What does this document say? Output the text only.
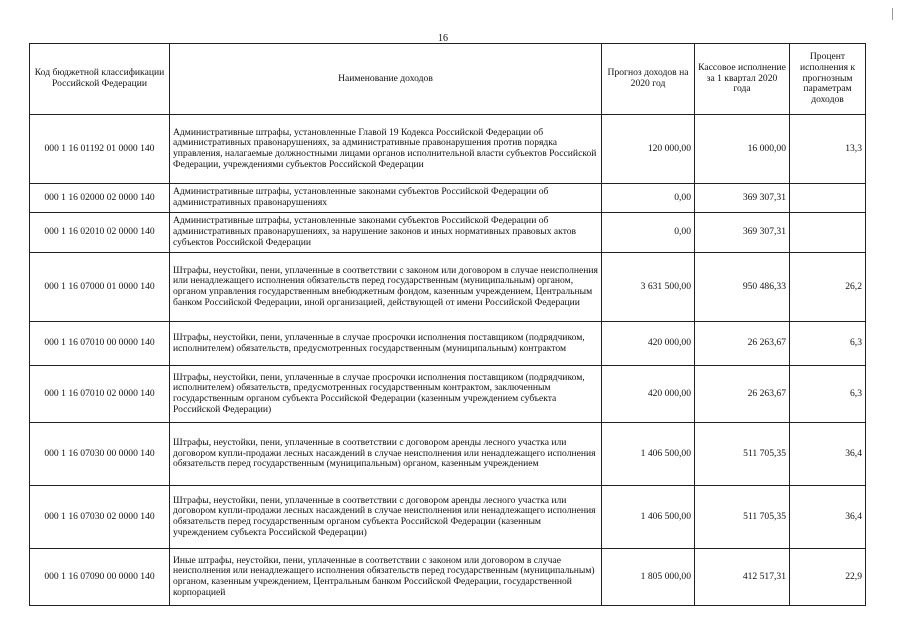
16
Код бюджетной классификации Российской Федерации	Наименование доходов	Прогноз доходов на 2020 год	Кассовое исполнение за 1 квартал 2020 года	Процент исполнения к прогнозным параметрам доходов
000 1 16 01192 01 0000 140	Административные штрафы, установленные Главой 19 Кодекса Российской Федерации об административных правонарушениях, за административные правонарушения против порядка управления, налагаемые должностными лицами органов исполнительной власти субъектов Российской Федерации, учреждениями субъектов Российской Федерации	120 000,00	16 000,00	13,3
000 1 16 02000 02 0000 140	Административные штрафы, установленные законами субъектов Российской Федерации об административных правонарушениях	0,00	369 307,31	
000 1 16 02010 02 0000 140	Административные штрафы, установленные законами субъектов Российской Федерации об административных правонарушениях, за нарушение законов и иных нормативных правовых актов субъектов Российской Федерации	0,00	369 307,31	
000 1 16 07000 01 0000 140	Штрафы, неустойки, пени, уплаченные в соответствии с законом или договором в случае неисполнения или ненадлежащего исполнения обязательств перед государственным (муниципальным) органом, органом управления государственным внебюджетным фондом, казенным учреждением, Центральным банком Российской Федерации, иной организацией, действующей от имени Российской Федерации	3 631 500,00	950 486,33	26,2
000 1 16 07010 00 0000 140	Штрафы, неустойки, пени, уплаченные в случае просрочки исполнения поставщиком (подрядчиком, исполнителем) обязательств, предусмотренных государственным (муниципальным) контрактом	420 000,00	26 263,67	6,3
000 1 16 07010 02 0000 140	Штрафы, неустойки, пени, уплаченные в случае просрочки исполнения поставщиком (подрядчиком, исполнителем) обязательств, предусмотренных государственным контрактом, заключенным государственным органом субъекта Российской Федерации (казенным учреждением субъекта Российской Федерации)	420 000,00	26 263,67	6,3
000 1 16 07030 00 0000 140	Штрафы, неустойки, пени, уплаченные в соответствии с договором аренды лесного участка или договором купли-продажи лесных насаждений в случае неисполнения или ненадлежащего исполнения обязательств перед государственным (муниципальным) органом, казенным учреждением	1 406 500,00	511 705,35	36,4
000 1 16 07030 02 0000 140	Штрафы, неустойки, пени, уплаченные в соответствии с договором аренды лесного участка или договором купли-продажи лесных насаждений в случае неисполнения или ненадлежащего исполнения обязательств перед государственным органом субъекта Российской Федерации (казенным учреждением субъекта Российской Федерации)	1 406 500,00	511 705,35	36,4
000 1 16 07090 00 0000 140	Иные штрафы, неустойки, пени, уплаченные в соответствии с законом или договором в случае неисполнения или ненадлежащего исполнения обязательств перед государственным (муниципальным) органом, казенным учреждением, Центральным банком Российской Федерации, государственной корпорацией	1 805 000,00	412 517,31	22,9
